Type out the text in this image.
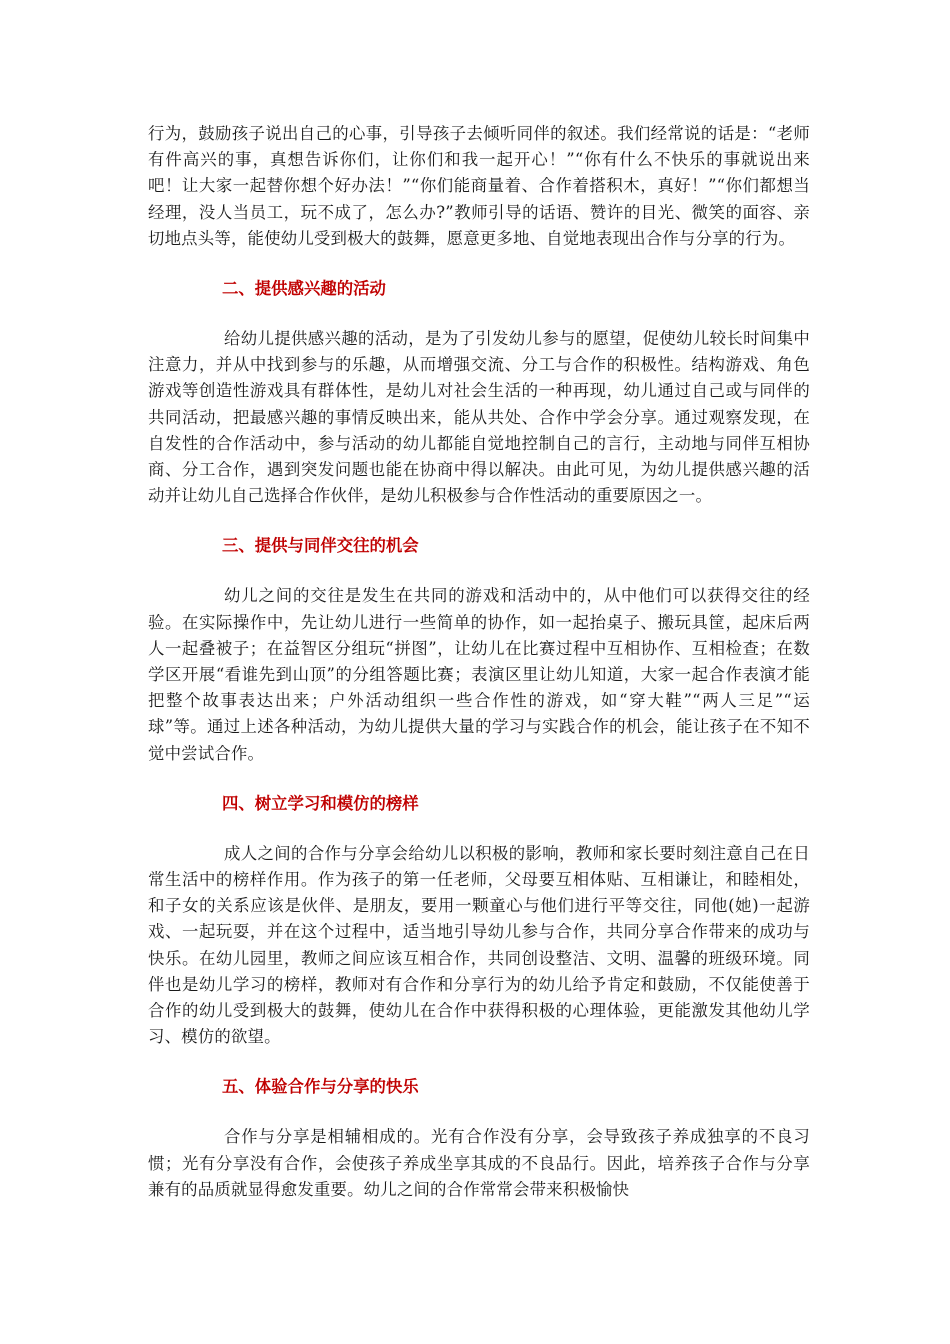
行为，鼓励孩子说出自己的心事，引导孩子去倾听同伴的叙述。我们经常说的话是：“老师有件高兴的事，真想告诉你们，让你们和我一起开心！”“你有什么不快乐的事就说出来吧！让大家一起替你想个好办法！”“你们能商量着、合作着搭积木，真好！”“你们都想当经理，没人当员工，玩不成了，怎么办?”教师引导的话语、赞许的目光、微笑的面容、亲切地点头等，能使幼儿受到极大的鼓舞，愿意更多地、自觉地表现出合作与分享的行为。

二、提供感兴趣的活动

给幼儿提供感兴趣的活动，是为了引发幼儿参与的愿望，促使幼儿较长时间集中注意力，并从中找到参与的乐趣，从而增强交流、分工与合作的积极性。结构游戏、角色游戏等创造性游戏具有群体性，是幼儿对社会生活的一种再现，幼儿通过自己或与同伴的共同活动，把最感兴趣的事情反映出来，能从共处、合作中学会分享。通过观察发现，在自发性的合作活动中，参与活动的幼儿都能自觉地控制自己的言行，主动地与同伴互相协商、分工合作，遇到突发问题也能在协商中得以解决。由此可见，为幼儿提供感兴趣的活动并让幼儿自己选择合作伙伴，是幼儿积极参与合作性活动的重要原因之一。

三、提供与同伴交往的机会

幼儿之间的交往是发生在共同的游戏和活动中的，从中他们可以获得交往的经验。在实际操作中，先让幼儿进行一些简单的协作，如一起抬桌子、搬玩具筐，起床后两人一起叠被子；在益智区分组玩“拼图”，让幼儿在比赛过程中互相协作、互相检查；在数学区开展“看谁先到山顶”的分组答题比赛；表演区里让幼儿知道，大家一起合作表演才能把整个故事表达出来；户外活动组织一些合作性的游戏，如“穿大鞋”“两人三足”“运球”等。通过上述各种活动，为幼儿提供大量的学习与实践合作的机会，能让孩子在不知不觉中尝试合作。

四、树立学习和模仿的榜样

成人之间的合作与分享会给幼儿以积极的影响，教师和家长要时刻注意自己在日常生活中的榜样作用。作为孩子的第一任老师，父母要互相体贴、互相谦让，和睦相处，和子女的关系应该是伙伴、是朋友，要用一颗童心与他们进行平等交往，同他(她)一起游戏、一起玩耍，并在这个过程中，适当地引导幼儿参与合作，共同分享合作带来的成功与快乐。在幼儿园里，教师之间应该互相合作，共同创设整洁、文明、温馨的班级环境。同伴也是幼儿学习的榜样，教师对有合作和分享行为的幼儿给予肯定和鼓励，不仅能使善于合作的幼儿受到极大的鼓舞，使幼儿在合作中获得积极的心理体验，更能激发其他幼儿学习、模仿的欲望。

五、体验合作与分享的快乐

合作与分享是相辅相成的。光有合作没有分享，会导致孩子养成独享的不良习惯；光有分享没有合作，会使孩子养成坐享其成的不良品行。因此，培养孩子合作与分享兼有的品质就显得愈发重要。幼儿之间的合作常常会带来积极愉快
